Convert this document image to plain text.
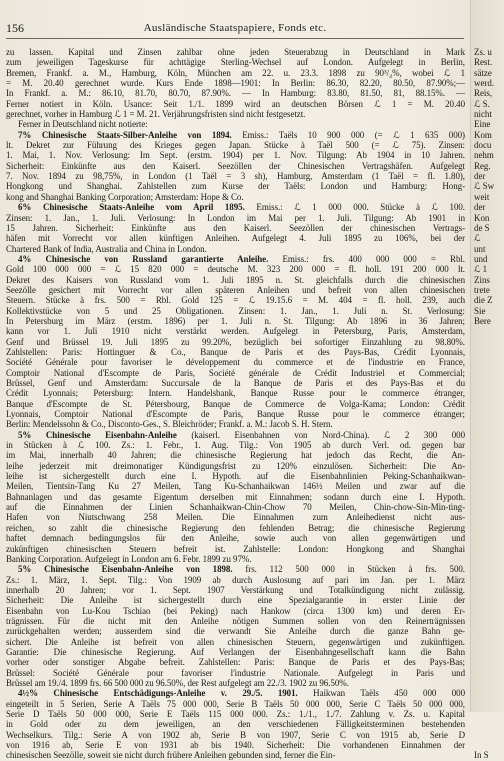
156	Ausländische Staatspapiere, Fonds etc.
zu lassen. Kapital und Zinsen zahlbar ohne jeden Steuerabzug in Deutschland in Mark
zum jeweiligen Tageskurse für achttägige Sterling-Wechsel auf London. Aufgelegt in Berlin,
Bremen, Frankf. a. M., Hamburg, Köln, München am 22. u. 23.3. 1898 zu 90³/₄%, wobei ℒ 1
= M. 20.40 gerechnet wurde. Kurs Ende 1898—1901: In Berlin: 86.30, 82.20, 80.50, 87.90%;—
In Frankf. a. M.: 86.10, 81.70, 80.70, 87.90%. — In Hamburg: 83.80, 81.50, 81, 88.15%. —
Ferner notiert in Köln. Usance: Seit 1./1. 1899 wird an deutschen Börsen ℒ 1 = M. 20.40
gerechnet, vorher in Hamburg ℒ 1 = M. 21. Verjährungsfristen sind nicht festgesetzt.
Ferner in Deutschland nicht notierte:
7% Chinesische Staats-Silber-Anleihe von 1894. Emiss.: Taëls 10 900 000 (= ℒ 1 635 000)
lt. Dekret zur Führung des Krieges gegen Japan. Stücke à Taël 500 (= ℒ 75). Zinsen:
1. Mai, 1. Nov. Verlosung: Im Sept. (erstm. 1904) per 1. Nov. Tilgung: Ab 1904 in 10 Jahren.
Sicherheit: Einkünfte aus den Kaiserl. Seezöllen der Chinesischen Vertragshäfen. Aufgelegt
7. Nov. 1894 zu 98,75%, in London (1 Taël = 3 sh), Hamburg, Amsterdam (1 Taël = fl. 1.80),
Hongkong und Shanghai. Zahlstellen zum Kurse der Taëls: London und Hamburg: Hong-
kong and Shanghai Banking Corporation; Amsterdam: Hope & Co.
6% Chinesische Staats-Anleihe vom April 1895. Emiss.: ℒ 1 000 000. Stücke à ℒ 100.
Zinsen: 1. Jan., 1. Juli. Verlosung: In London im Mai per 1. Juli. Tilgung: Ab 1901 in
15 Jahren. Sicherheit: Einkünfte aus den Kaiserl. Seezöllen der chinesischen Vertrags-
häfen mit Vorrecht vor allen künftigen Anleihen. Aufgelegt 4. Juli 1895 zu 106%, bei der
Chartered Bank of India, Australia and China in London.
4% Chinesische von Russland garantierte Anleihe. Emiss.: frs. 400 000 000 = Rbl.
Gold 100 000 000 = ℒ 15 820 000 = deutsche M. 323 200 000 = fl. holl. 191 200 000 lt.
Dekret des Kaisers von Russland vom 1. Juli 1895 n. St. gleichfalls durch die chinesischen
Seezölle gesichert mit Vorrecht vor allen späteren Anleihen und befreit von allen chinesischen
Steuern. Stücke à frs. 500 = Rbl. Gold 125 = ℒ 19.15.6 = M. 404 = fl. holl. 239, auch
Kollektivstücke von 5 und 25 Obligationen. Zinsen: 1. Jan., 1. Juli n. St. Verlosung:
In Petersburg im März (erstm. 1896) per 1. Juli n. St. Tilgung: Ab 1896 in 36 Jahren;
kann vor 1. Juli 1910 nicht verstärkt werden. Aufgelegt in Petersburg, Paris, Amsterdam,
Genf und Brüssel 19. Juli 1895 zu 99.20%, bezüglich bei sofortiger Einzahlung zu 98.80%.
Zahlstellen: Paris: Hottinguer & Co., Banque de Paris et des Pays-Bas, Crédit Lyonnais,
Société Générale pour favoriser le développement du commerce et de l'industrie en France,
Comptoir National d'Escompte de Paris, Société générale de Crédit Industriel et Commercial;
Brüssel, Genf und Amsterdam: Succursale de la Banque de Paris et des Pays-Bas et du
Crédit Lyonnais; Petersburg: Intern. Handelsbank, Banque Russe pour le commerce étranger,
Banque d'Escompte de St. Pétersbourg, Banque de Commerce de Volga-Kama; London: Crédit
Lyonnais, Comptoir National d'Escompte de Paris, Banque Russe pour le commerce étranger;
Berlin: Mendelssohn & Co., Disconto-Ges., S. Bleichröder; Frankf. a. M.: Jacob S. H. Stern.
5% Chinesische Eisenbahn-Anleihe (kaiserl. Eisenbahnen von Nord-China). ℒ 2 300 000
in Stücken à ℒ 100. Zs.: 1. Febr., 1. Aug. Tilg.: Von 1905 ab durch Verl. od. gegen bar
im Mai, innerhalb 40 Jahren; die chinesische Regierung hat jedoch das Recht, die An-
leihe jederzeit mit dreimonatiger Kündigungsfrist zu 120% einzulösen. Sicherheit: Die An-
leihe ist sichergestellt durch eine I. Hypoth. auf die Eisenbahnlinien Peking-Schanhaikwan-
Meilen, Tientsin-Tang Ku 27 Meilen, Tang Ku-Schanhaikwan 146½ Meilen und zwar auf die
Bahnanlagen und das gesamte Eigentum derselben mit Einnahmen; sodann durch eine I. Hypoth.
auf die Einnahmen der Linien Schanhaikwan-Chin-Chow 70 Meilen, Chin-chow-Sin-Min-ting-
Hafen von Niutschwang 258 Meilen. Die Einnahmen zum Anleihedienst nicht aus-
reichen, so zahlt die chinesische Regierung den fehlenden Betrag; die chinesische Regierung
haftet demnach bedingungslos für den Anleihe, sowie auch von allen gegenwärtigen und
zukünftigen chinesischen Steuern befreit ist. Zahlstelle: London: Hongkong and Shanghai
Banking Corporation. Aufgelegt in London am 6. Febr. 1899 zu 97%.
5% Chinesische Eisenbahn-Anleihe von 1898. frs. 112 500 000 in Stücken à frs. 500.
Zs.: 1. März, 1. Sept. Tilg.: Von 1909 ab durch Auslosung auf pari im Jan. per 1. März
innerhalb 20 Jahren; vor 1. Sept. 1907 Verstärkung und Totalkündigung nicht zulässig.
Sicherheit: Die Anleihe ist sichergestellt durch eine Spezialgarantie in erster Linie der
Eisenbahn von Lu-Kou Tschiao (bei Peking) nach Hankow (circa 1300 km) und deren Er-
trägnissen. Für die nicht mit den Anleihe nötigen Summen sollen von den Reinerträgnissen
zurückgehalten werden; ausserdem sind die verwandt Sie Anleihe durch die ganze Bahn ge-
sichert. Die Anleihe ist befreit von allen chinesischen Steuern, gegenwärtigen und zukünftigen.
Garantie: Die chinesische Regierung. Auf Verlangen der Eisenbahngesellschaft kann die Bahn
vorher oder sonstiger Abgabe befreit. Zahlstellen: Paris: Banque de Paris et des Pays-Bas;
Brüssel: Société Générale pour favoriser l'industrie Nationale. Aufgelegt in Paris und
Brüssel am 19./4. 1899 frs. 66 500 000 zu 96.50%, der Rest aufgelegt am 22./3. 1902 zu 96.50%.
4½% Chinesische Entschädigungs-Anleihe v. 29./5. 1901. Haikwan Taëls 450 000 000
eingeteilt in 5 Serien, Serie A Taëls 75 000 000, Serie B Taëls 50 000 000, Serie C Taëls 50 000 000,
Serie D Taëls 50 000 000, Serie E Taëls 115 000 000. Zs.: 1./1., 1./7. Zahlung v. Zs. u. Kapital
in Gold oder zu dem jeweiligen, an den verschiedenen Fälligkeitsterminen bestehenden
Wechselkurs. Tilg.: Serie A von 1902 ab, Serie B von 1907, Serie C von 1915 ab, Serie D
von 1916 ab, Serie E von 1931 ab bis 1940. Sicherheit: Die vorhandenen Einnahmen der
chinesischen Seezölle, soweit sie nicht durch frühere Anleihen gebunden sind, ferner die Ein-
Zs. u
Rest.
sätze
werd.
Reis,
ℒ S.
nicht
Eine
Kom
docu
nehm
Reg.
der
ℒ Sw
weit
der
Kon
de S
ℒ
unt
und
ℒ 1
Zins
trete
die Z
Sie
Bere
In S
